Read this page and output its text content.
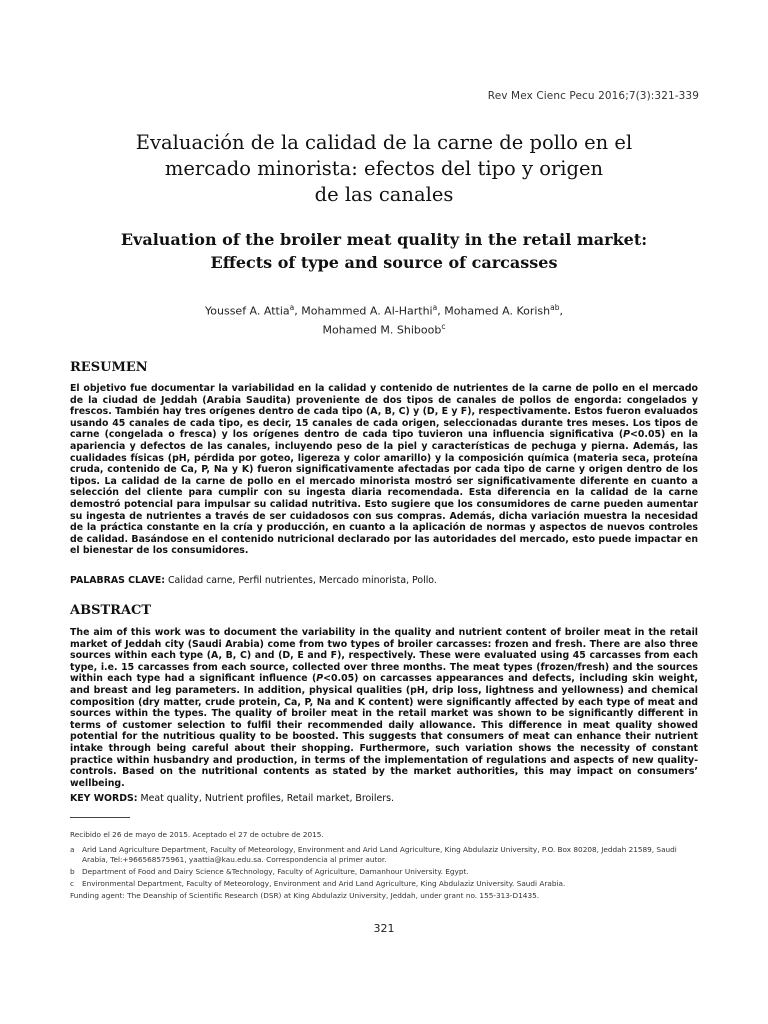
Rev Mex Cienc Pecu 2016;7(3):321-339
Evaluación de la calidad de la carne de pollo en el
mercado minorista: efectos del tipo y origen
de las canales
Evaluation of the broiler meat quality in the retail market:
Effects of type and source of carcasses
Youssef A. Attia$^a$, Mohammed A. Al-Harthi$^a$, Mohamed A. Korish$^{ab}$,
Mohamed M. Shiboob$^c$
RESUMEN
El objetivo fue documentar la variabilidad en la calidad y contenido de nutrientes de la carne de pollo en el mercado de la ciudad de Jeddah (Arabia Saudita) proveniente de dos tipos de canales de pollos de engorda: congelados y frescos. También hay tres orígenes dentro de cada tipo (A, B, C) y (D, E y F), respectivamente. Estos fueron evaluados usando 45 canales de cada tipo, es decir, 15 canales de cada origen, seleccionadas durante tres meses. Los tipos de carne (congelada o fresca) y los orígenes dentro de cada tipo tuvieron una influencia significativa (P<0.05) en la apariencia y defectos de las canales, incluyendo peso de la piel y características de pechuga y pierna. Además, las cualidades físicas (pH, pérdida por goteo, ligereza y color amarillo) y la composición química (materia seca, proteína cruda, contenido de Ca, P, Na y K) fueron significativamente afectadas por cada tipo de carne y origen dentro de los tipos. La calidad de la carne de pollo en el mercado minorista mostró ser significativamente diferente en cuanto a selección del cliente para cumplir con su ingesta diaria recomendada. Esta diferencia en la calidad de la carne demostró potencial para impulsar su calidad nutritiva. Esto sugiere que los consumidores de carne pueden aumentar su ingesta de nutrientes a través de ser cuidadosos con sus compras. Además, dicha variación muestra la necesidad de la práctica constante en la cría y producción, en cuanto a la aplicación de normas y aspectos de nuevos controles de calidad. Basándose en el contenido nutricional declarado por las autoridades del mercado, esto puede impactar en el bienestar de los consumidores.
PALABRAS CLAVE: Calidad carne, Perfil nutrientes, Mercado minorista, Pollo.
ABSTRACT
The aim of this work was to document the variability in the quality and nutrient content of broiler meat in the retail market of Jeddah city (Saudi Arabia) come from two types of broiler carcasses: frozen and fresh. There are also three sources within each type (A, B, C) and (D, E and F), respectively. These were evaluated using 45 carcasses from each type, i.e. 15 carcasses from each source, collected over three months. The meat types (frozen/fresh) and the sources within each type had a significant influence (P<0.05) on carcasses appearances and defects, including skin weight, and breast and leg parameters. In addition, physical qualities (pH, drip loss, lightness and yellowness) and chemical composition (dry matter, crude protein, Ca, P, Na and K content) were significantly affected by each type of meat and sources within the types. The quality of broiler meat in the retail market was shown to be significantly different in terms of customer selection to fulfil their recommended daily allowance. This difference in meat quality showed potential for the nutritious quality to be boosted. This suggests that consumers of meat can enhance their nutrient intake through being careful about their shopping. Furthermore, such variation shows the necessity of constant practice within husbandry and production, in terms of the implementation of regulations and aspects of new quality-controls. Based on the nutritional contents as stated by the market authorities, this may impact on consumers’ wellbeing.
KEY WORDS: Meat quality, Nutrient profiles, Retail market, Broilers.
Recibido el 26 de mayo de 2015. Aceptado el 27 de octubre de 2015.
a	Arid Land Agriculture Department, Faculty of Meteorology, Environment and Arid Land Agriculture, King Abdulaziz University, P.O. Box 80208, Jeddah 21589, Saudi Arabia, Tel:+966568575961, yaattia@kau.edu.sa. Correspondencia al primer autor.
b	Department of Food and Dairy Science &Technology, Faculty of Agriculture, Damanhour University. Egypt.
c	Environmental Department, Faculty of Meteorology, Environment and Arid Land Agriculture, King Abdulaziz University. Saudi Arabia.
Funding agent: The Deanship of Scientific Research (DSR) at King Abdulaziz University, Jeddah, under grant no. 155-313-D1435.
321
